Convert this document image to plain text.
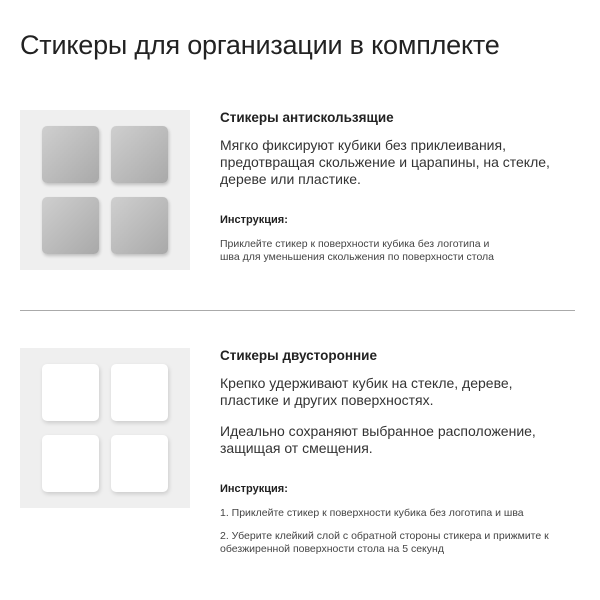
Стикеры для организации в комплекте
Стикеры антискользящие

Мягко фиксируют кубики без приклеивания, предотвращая скольжение и царапины, на стекле, дереве или пластике.

Инструкция:
Приклейте стикер к поверхности кубика без логотипа и шва для уменьшения скольжения по поверхности стола
Стикеры двусторонние

Крепко удерживают кубик на стекле, дереве, пластике и других поверхностях.

Идеально сохраняют выбранное расположение, защищая от смещения.

Инструкция:
1. Приклейте стикер к поверхности кубика без логотипа и шва
2. Уберите клейкий слой с обратной стороны стикера и прижмите к обезжиренной поверхности стола на 5 секунд
